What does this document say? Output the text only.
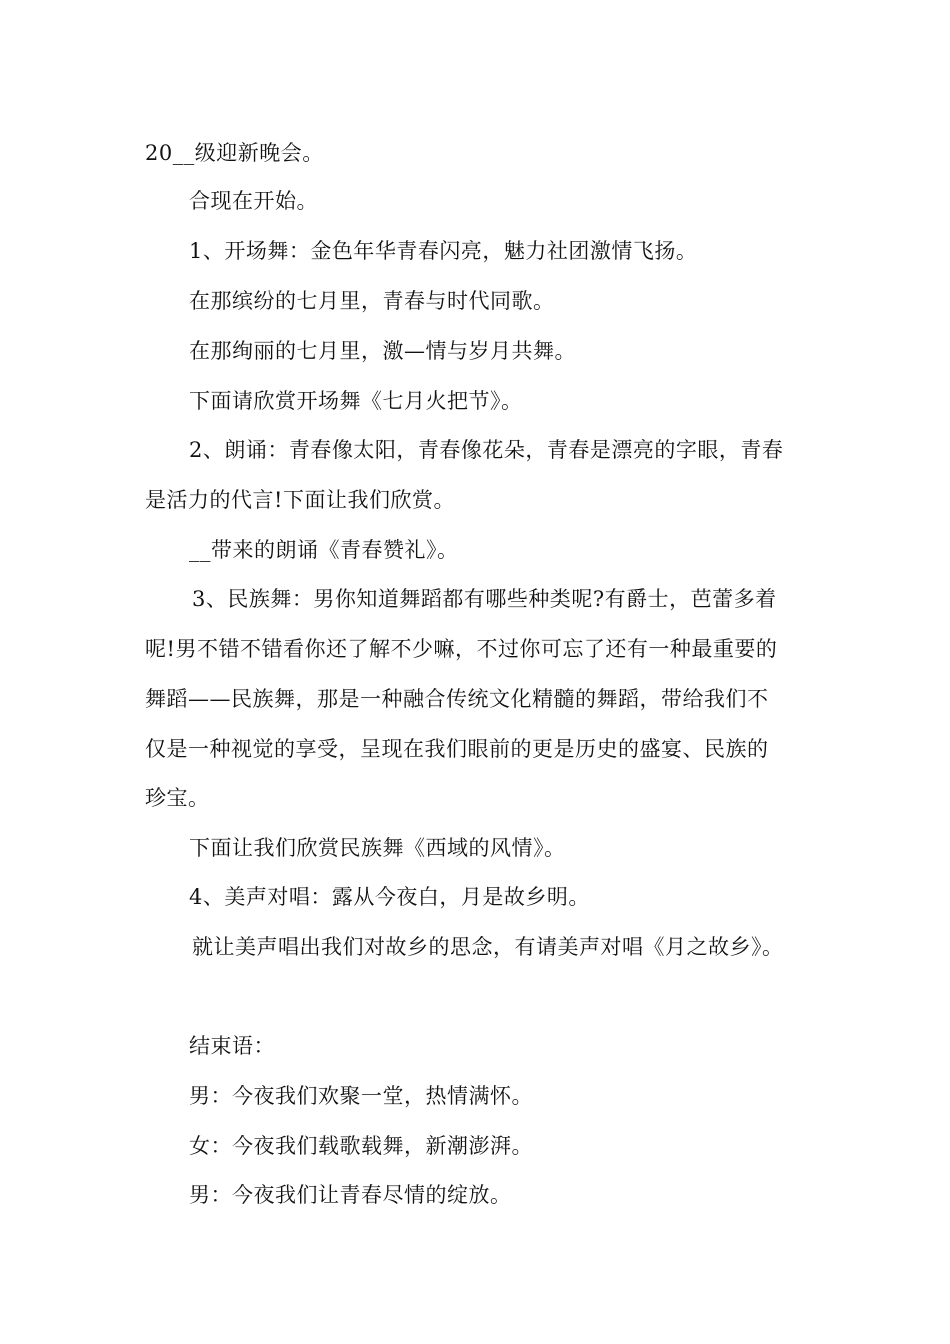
20__级迎新晚会。
合现在开始。
1、开场舞：金色年华青春闪亮，魅力社团激情飞扬。
在那缤纷的七月里，青春与时代同歌。
在那绚丽的七月里，激—情与岁月共舞。
下面请欣赏开场舞《七月火把节》。
2、朗诵：青春像太阳，青春像花朵，青春是漂亮的字眼，青春
是活力的代言!下面让我们欣赏。
__带来的朗诵《青春赞礼》。
3、民族舞：男你知道舞蹈都有哪些种类呢?有爵士，芭蕾多着
呢!男不错不错看你还了解不少嘛，不过你可忘了还有一种最重要的
舞蹈——民族舞，那是一种融合传统文化精髓的舞蹈，带给我们不
仅是一种视觉的享受，呈现在我们眼前的更是历史的盛宴、民族的
珍宝。
下面让我们欣赏民族舞《西域的风情》。
4、美声对唱：露从今夜白，月是故乡明。
就让美声唱出我们对故乡的思念，有请美声对唱《月之故乡》。
结束语：
男：今夜我们欢聚一堂，热情满怀。
女：今夜我们载歌载舞，新潮澎湃。
男：今夜我们让青春尽情的绽放。
